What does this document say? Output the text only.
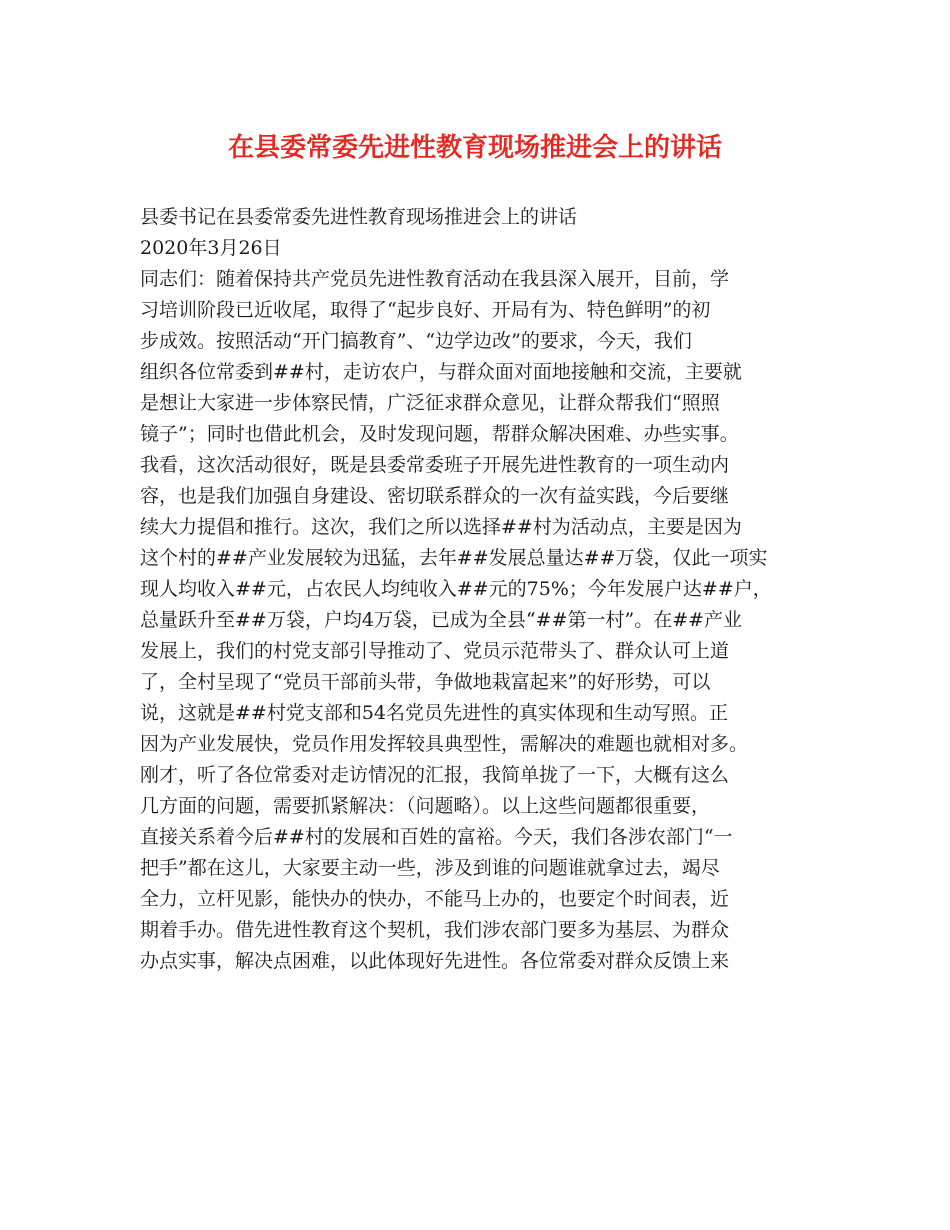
在县委常委先进性教育现场推进会上的讲话
县委书记在县委常委先进性教育现场推进会上的讲话
2020年3月26日
同志们：随着保持共产党员先进性教育活动在我县深入展开，目前，学
习培训阶段已近收尾，取得了“起步良好、开局有为、特色鲜明”的初
步成效。按照活动“开门搞教育”、“边学边改”的要求，今天，我们
组织各位常委到##村，走访农户，与群众面对面地接触和交流，主要就
是想让大家进一步体察民情，广泛征求群众意见，让群众帮我们“照照
镜子”；同时也借此机会，及时发现问题，帮群众解决困难、办些实事。
我看，这次活动很好，既是县委常委班子开展先进性教育的一项生动内
容，也是我们加强自身建设、密切联系群众的一次有益实践，今后要继
续大力提倡和推行。这次，我们之所以选择##村为活动点，主要是因为
这个村的##产业发展较为迅猛，去年##发展总量达##万袋，仅此一项实
现人均收入##元，占农民人均纯收入##元的75%；今年发展户达##户，
总量跃升至##万袋，户均4万袋，已成为全县“##第一村”。在##产业
发展上，我们的村党支部引导推动了、党员示范带头了、群众认可上道
了，全村呈现了“党员干部前头带，争做地栽富起来”的好形势，可以
说，这就是##村党支部和54名党员先进性的真实体现和生动写照。正
因为产业发展快，党员作用发挥较具典型性，需解决的难题也就相对多。
刚才，听了各位常委对走访情况的汇报，我简单拢了一下，大概有这么
几方面的问题，需要抓紧解决：（问题略）。以上这些问题都很重要，
直接关系着今后##村的发展和百姓的富裕。今天，我们各涉农部门“一
把手”都在这儿，大家要主动一些，涉及到谁的问题谁就拿过去，竭尽
全力，立杆见影，能快办的快办，不能马上办的，也要定个时间表，近
期着手办。借先进性教育这个契机，我们涉农部门要多为基层、为群众
办点实事，解决点困难，以此体现好先进性。各位常委对群众反馈上来
